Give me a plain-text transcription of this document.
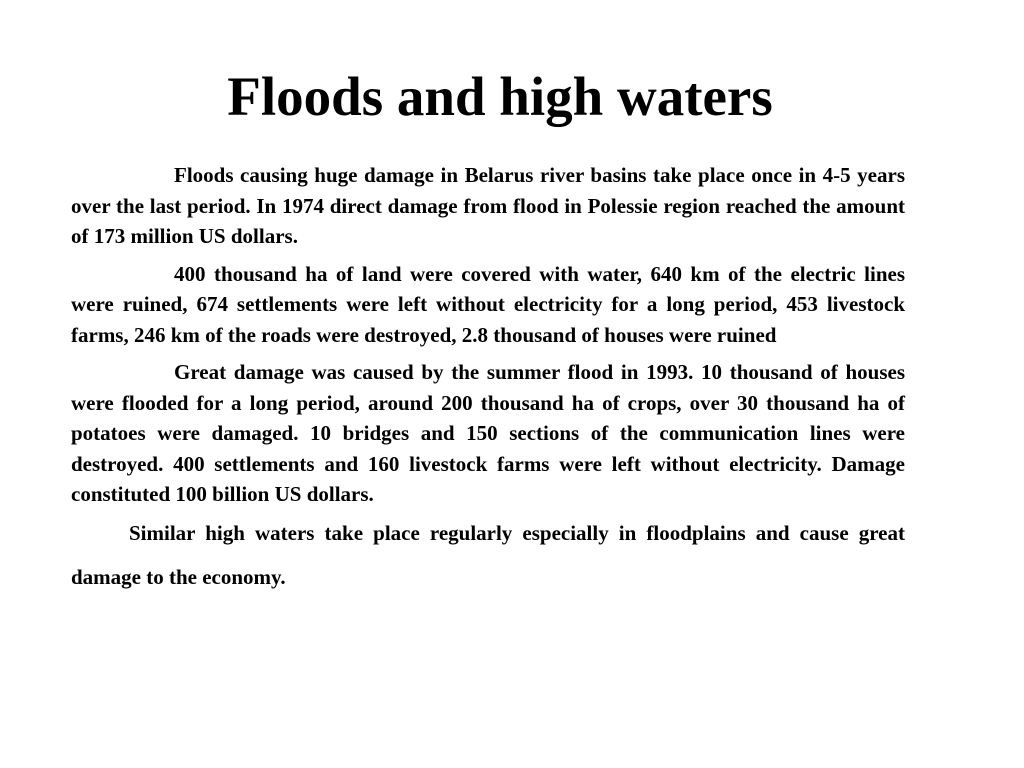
Floods and high waters

Floods causing huge damage in Belarus river basins take place once in 4-5 years over the last period. In 1974 direct damage from flood in Polessie region reached the amount of 173 million US dollars.

400 thousand ha of land were covered with water, 640 km of the electric lines were ruined, 674 settlements were left without electricity for a long period, 453 livestock farms, 246 km of the roads were destroyed, 2.8 thousand of houses were ruined

Great damage was caused by the summer flood in 1993. 10 thousand of houses were flooded for a long period, around 200 thousand ha of crops, over 30 thousand ha of potatoes were damaged. 10 bridges and 150 sections of the communication lines were destroyed. 400 settlements and 160 livestock farms were left without electricity. Damage constituted 100 billion US dollars.

Similar high waters take place regularly especially in floodplains and cause great damage to the economy.
